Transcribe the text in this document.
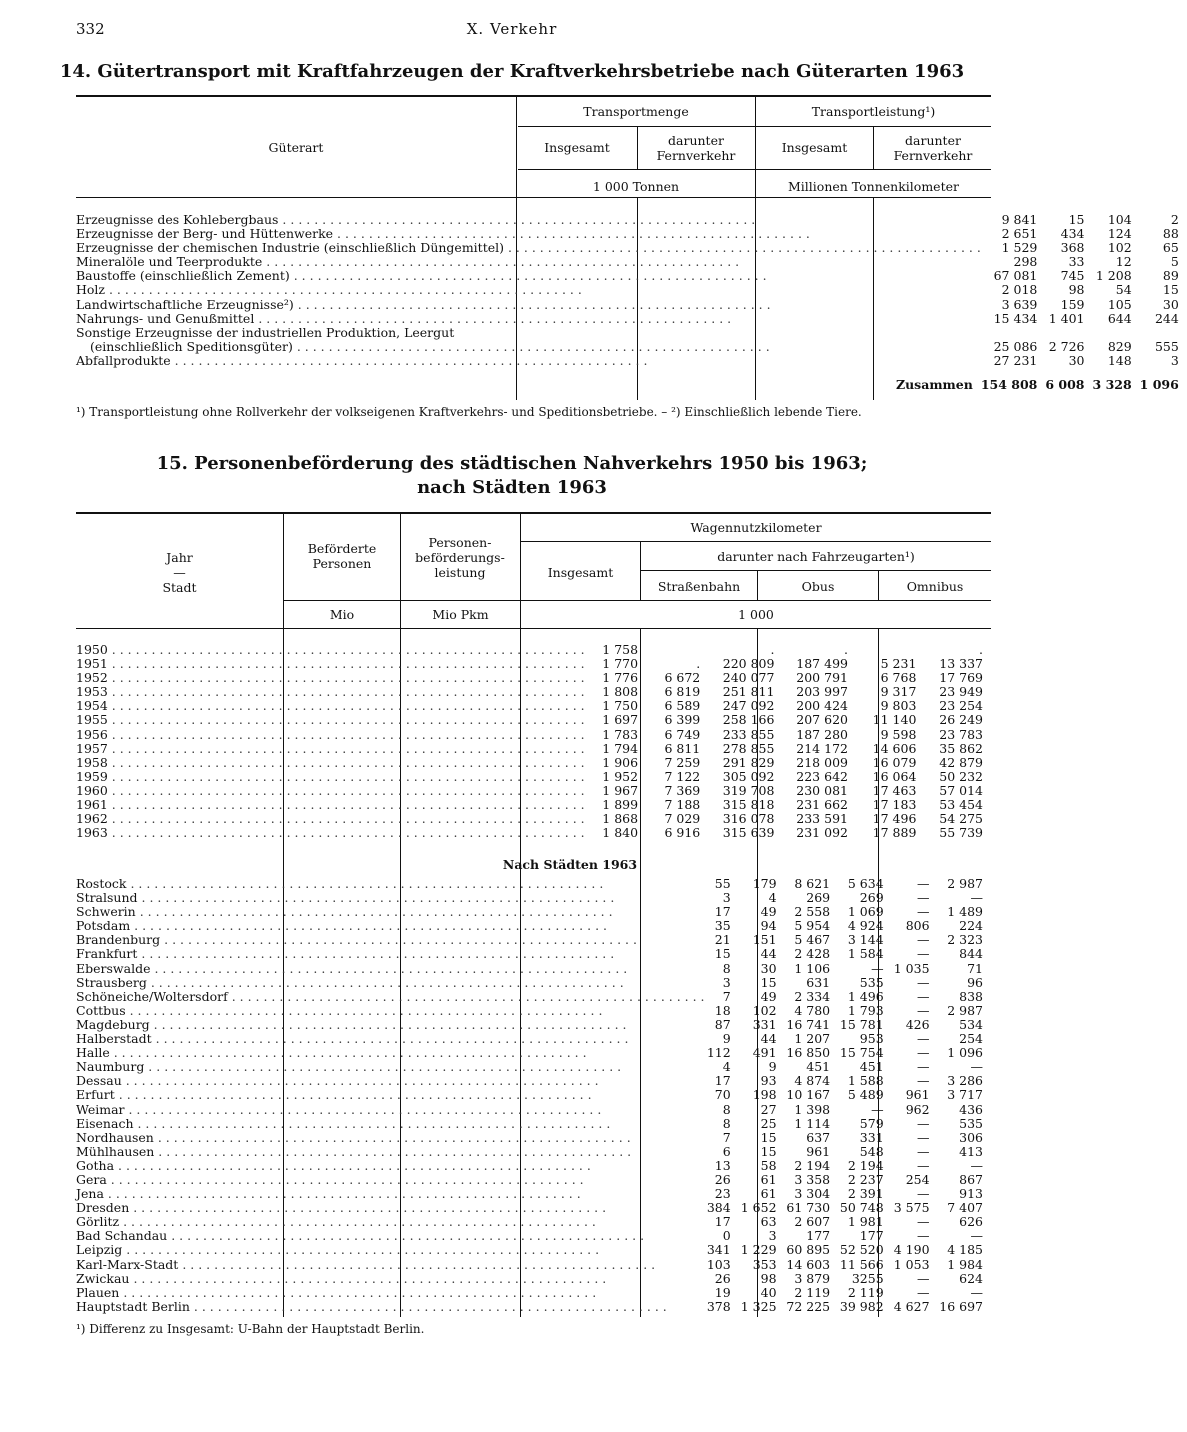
332	X. Verkehr
14. Gütertransport mit Kraftfahrzeugen der Kraftverkehrsbetriebe nach Güterarten 1963
Güterart
Transportmenge	Transportleistung¹)
Insgesamt	darunter Fernverkehr
Insgesamt	darunter Fernverkehr
1 000 Tonnen	Millionen Tonnenkilometer
Erzeugnisse des Kohlebergbaus . . . . . . . . . . . . . . . . . . . . . . . . . . . . . . . . . . . . . . . . . . . . . . . . . . . . . . . . . . . .	9 841	15	104	2
Erzeugnisse der Berg- und Hüttenwerke . . . . . . . . . . . . . . . . . . . . . . . . . . . . . . . . . . . . . . . . . . . . . . . . . . . . . . . . . . . .	2 651	434	124	88
Erzeugnisse der chemischen Industrie (einschließlich Düngemittel) . . . . . . . . . . . . . . . . . . . . . . . . . . . . . . . . . . . . . . . . . . . . . . . . . . . . . . . . . . . .	1 529	368	102	65
Mineralöle und Teerprodukte . . . . . . . . . . . . . . . . . . . . . . . . . . . . . . . . . . . . . . . . . . . . . . . . . . . . . . . . . . . .	298	33	12	5
Baustoffe (einschließlich Zement) . . . . . . . . . . . . . . . . . . . . . . . . . . . . . . . . . . . . . . . . . . . . . . . . . . . . . . . . . . . .	67 081	745	1 208	89
Holz . . . . . . . . . . . . . . . . . . . . . . . . . . . . . . . . . . . . . . . . . . . . . . . . . . . . . . . . . . . .	2 018	98	54	15
Landwirtschaftliche Erzeugnisse²) . . . . . . . . . . . . . . . . . . . . . . . . . . . . . . . . . . . . . . . . . . . . . . . . . . . . . . . . . . . .	3 639	159	105	30
Nahrungs- und Genußmittel . . . . . . . . . . . . . . . . . . . . . . . . . . . . . . . . . . . . . . . . . . . . . . . . . . . . . . . . . . . .	15 434	1 401	644	244
Sonstige Erzeugnisse der industriellen Produktion, Leergut				
(einschließlich Speditionsgüter) . . . . . . . . . . . . . . . . . . . . . . . . . . . . . . . . . . . . . . . . . . . . . . . . . . . . . . . . . . . .	25 086	2 726	829	555
Abfallprodukte . . . . . . . . . . . . . . . . . . . . . . . . . . . . . . . . . . . . . . . . . . . . . . . . . . . . . . . . . . . .	27 231	30	148	3
Zusammen	154 808	6 008	3 328	1 096
¹) Transportleistung ohne Rollverkehr der volkseigenen Kraftverkehrs- und Speditionsbetriebe. – ²) Einschließlich lebende Tiere.
15. Personenbeförderung des städtischen Nahverkehrs 1950 bis 1963;
nach Städten 1963
Jahr
—
Stadt
Beförderte Personen
Personen-beförderungs-leistung
Wagennutzkilometer
darunter nach Fahrzeugarten¹)
Insgesamt
Straßenbahn	Obus	Omnibus
Mio	Mio Pkm	1 000
1950 . . . . . . . . . . . . . . . . . . . . . . . . . . . . . . . . . . . . . . . . . . . . . . . . . . . . . . . . . . . .	1 758		.	.		.
1951 . . . . . . . . . . . . . . . . . . . . . . . . . . . . . . . . . . . . . . . . . . . . . . . . . . . . . . . . . . . .	1 770	.	220 809	187 499	5 231	13 337
1952 . . . . . . . . . . . . . . . . . . . . . . . . . . . . . . . . . . . . . . . . . . . . . . . . . . . . . . . . . . . .	1 776	6 672	240 077	200 791	6 768	17 769
1953 . . . . . . . . . . . . . . . . . . . . . . . . . . . . . . . . . . . . . . . . . . . . . . . . . . . . . . . . . . . .	1 808	6 819	251 811	203 997	9 317	23 949
1954 . . . . . . . . . . . . . . . . . . . . . . . . . . . . . . . . . . . . . . . . . . . . . . . . . . . . . . . . . . . .	1 750	6 589	247 092	200 424	9 803	23 254
1955 . . . . . . . . . . . . . . . . . . . . . . . . . . . . . . . . . . . . . . . . . . . . . . . . . . . . . . . . . . . .	1 697	6 399	258 166	207 620	11 140	26 249
1956 . . . . . . . . . . . . . . . . . . . . . . . . . . . . . . . . . . . . . . . . . . . . . . . . . . . . . . . . . . . .	1 783	6 749	233 855	187 280	9 598	23 783
1957 . . . . . . . . . . . . . . . . . . . . . . . . . . . . . . . . . . . . . . . . . . . . . . . . . . . . . . . . . . . .	1 794	6 811	278 855	214 172	14 606	35 862
1958 . . . . . . . . . . . . . . . . . . . . . . . . . . . . . . . . . . . . . . . . . . . . . . . . . . . . . . . . . . . .	1 906	7 259	291 829	218 009	16 079	42 879
1959 . . . . . . . . . . . . . . . . . . . . . . . . . . . . . . . . . . . . . . . . . . . . . . . . . . . . . . . . . . . .	1 952	7 122	305 092	223 642	16 064	50 232
1960 . . . . . . . . . . . . . . . . . . . . . . . . . . . . . . . . . . . . . . . . . . . . . . . . . . . . . . . . . . . .	1 967	7 369	319 708	230 081	17 463	57 014
1961 . . . . . . . . . . . . . . . . . . . . . . . . . . . . . . . . . . . . . . . . . . . . . . . . . . . . . . . . . . . .	1 899	7 188	315 818	231 662	17 183	53 454
1962 . . . . . . . . . . . . . . . . . . . . . . . . . . . . . . . . . . . . . . . . . . . . . . . . . . . . . . . . . . . .	1 868	7 029	316 078	233 591	17 496	54 275
1963 . . . . . . . . . . . . . . . . . . . . . . . . . . . . . . . . . . . . . . . . . . . . . . . . . . . . . . . . . . . .	1 840	6 916	315 639	231 092	17 889	55 739
Nach Städten 1963
Rostock . . . . . . . . . . . . . . . . . . . . . . . . . . . . . . . . . . . . . . . . . . . . . . . . . . . . . . . . . . . .	55	179	8 621	5 634	—	2 987
Stralsund . . . . . . . . . . . . . . . . . . . . . . . . . . . . . . . . . . . . . . . . . . . . . . . . . . . . . . . . . . . .	3	4	269	269	—	—
Schwerin . . . . . . . . . . . . . . . . . . . . . . . . . . . . . . . . . . . . . . . . . . . . . . . . . . . . . . . . . . . .	17	49	2 558	1 069	—	1 489
Potsdam . . . . . . . . . . . . . . . . . . . . . . . . . . . . . . . . . . . . . . . . . . . . . . . . . . . . . . . . . . . .	35	94	5 954	4 924	806	224
Brandenburg . . . . . . . . . . . . . . . . . . . . . . . . . . . . . . . . . . . . . . . . . . . . . . . . . . . . . . . . . . . .	21	151	5 467	3 144	—	2 323
Frankfurt . . . . . . . . . . . . . . . . . . . . . . . . . . . . . . . . . . . . . . . . . . . . . . . . . . . . . . . . . . . .	15	44	2 428	1 584	—	844
Eberswalde . . . . . . . . . . . . . . . . . . . . . . . . . . . . . . . . . . . . . . . . . . . . . . . . . . . . . . . . . . . .	8	30	1 106	—	1 035	71
Strausberg . . . . . . . . . . . . . . . . . . . . . . . . . . . . . . . . . . . . . . . . . . . . . . . . . . . . . . . . . . . .	3	15	631	535	—	96
Schöneiche/Woltersdorf . . . . . . . . . . . . . . . . . . . . . . . . . . . . . . . . . . . . . . . . . . . . . . . . . . . . . . . . . . . .	7	49	2 334	1 496	—	838
Cottbus . . . . . . . . . . . . . . . . . . . . . . . . . . . . . . . . . . . . . . . . . . . . . . . . . . . . . . . . . . . .	18	102	4 780	1 793	—	2 987
Magdeburg . . . . . . . . . . . . . . . . . . . . . . . . . . . . . . . . . . . . . . . . . . . . . . . . . . . . . . . . . . . .	87	331	16 741	15 781	426	534
Halberstadt . . . . . . . . . . . . . . . . . . . . . . . . . . . . . . . . . . . . . . . . . . . . . . . . . . . . . . . . . . . .	9	44	1 207	953	—	254
Halle . . . . . . . . . . . . . . . . . . . . . . . . . . . . . . . . . . . . . . . . . . . . . . . . . . . . . . . . . . . .	112	491	16 850	15 754	—	1 096
Naumburg . . . . . . . . . . . . . . . . . . . . . . . . . . . . . . . . . . . . . . . . . . . . . . . . . . . . . . . . . . . .	4	9	451	451	—	—
Dessau . . . . . . . . . . . . . . . . . . . . . . . . . . . . . . . . . . . . . . . . . . . . . . . . . . . . . . . . . . . .	17	93	4 874	1 588	—	3 286
Erfurt . . . . . . . . . . . . . . . . . . . . . . . . . . . . . . . . . . . . . . . . . . . . . . . . . . . . . . . . . . . .	70	198	10 167	5 489	961	3 717
Weimar . . . . . . . . . . . . . . . . . . . . . . . . . . . . . . . . . . . . . . . . . . . . . . . . . . . . . . . . . . . .	8	27	1 398	—	962	436
Eisenach . . . . . . . . . . . . . . . . . . . . . . . . . . . . . . . . . . . . . . . . . . . . . . . . . . . . . . . . . . . .	8	25	1 114	579	—	535
Nordhausen . . . . . . . . . . . . . . . . . . . . . . . . . . . . . . . . . . . . . . . . . . . . . . . . . . . . . . . . . . . .	7	15	637	331	—	306
Mühlhausen . . . . . . . . . . . . . . . . . . . . . . . . . . . . . . . . . . . . . . . . . . . . . . . . . . . . . . . . . . . .	6	15	961	548	—	413
Gotha . . . . . . . . . . . . . . . . . . . . . . . . . . . . . . . . . . . . . . . . . . . . . . . . . . . . . . . . . . . .	13	58	2 194	2 194	—	—
Gera . . . . . . . . . . . . . . . . . . . . . . . . . . . . . . . . . . . . . . . . . . . . . . . . . . . . . . . . . . . .	26	61	3 358	2 237	254	867
Jena . . . . . . . . . . . . . . . . . . . . . . . . . . . . . . . . . . . . . . . . . . . . . . . . . . . . . . . . . . . .	23	61	3 304	2 391	—	913
Dresden . . . . . . . . . . . . . . . . . . . . . . . . . . . . . . . . . . . . . . . . . . . . . . . . . . . . . . . . . . . .	384	1 652	61 730	50 748	3 575	7 407
Görlitz . . . . . . . . . . . . . . . . . . . . . . . . . . . . . . . . . . . . . . . . . . . . . . . . . . . . . . . . . . . .	17	63	2 607	1 981	—	626
Bad Schandau . . . . . . . . . . . . . . . . . . . . . . . . . . . . . . . . . . . . . . . . . . . . . . . . . . . . . . . . . . . .	0	3	177	177	—	—
Leipzig . . . . . . . . . . . . . . . . . . . . . . . . . . . . . . . . . . . . . . . . . . . . . . . . . . . . . . . . . . . .	341	1 229	60 895	52 520	4 190	4 185
Karl-Marx-Stadt . . . . . . . . . . . . . . . . . . . . . . . . . . . . . . . . . . . . . . . . . . . . . . . . . . . . . . . . . . . .	103	353	14 603	11 566	1 053	1 984
Zwickau . . . . . . . . . . . . . . . . . . . . . . . . . . . . . . . . . . . . . . . . . . . . . . . . . . . . . . . . . . . .	26	98	3 879	3255	—	624
Plauen . . . . . . . . . . . . . . . . . . . . . . . . . . . . . . . . . . . . . . . . . . . . . . . . . . . . . . . . . . . .	19	40	2 119	2 119	—	—
Hauptstadt Berlin . . . . . . . . . . . . . . . . . . . . . . . . . . . . . . . . . . . . . . . . . . . . . . . . . . . . . . . . . . . .	378	1 325	72 225	39 982	4 627	16 697
¹) Differenz zu Insgesamt: U-Bahn der Hauptstadt Berlin.
